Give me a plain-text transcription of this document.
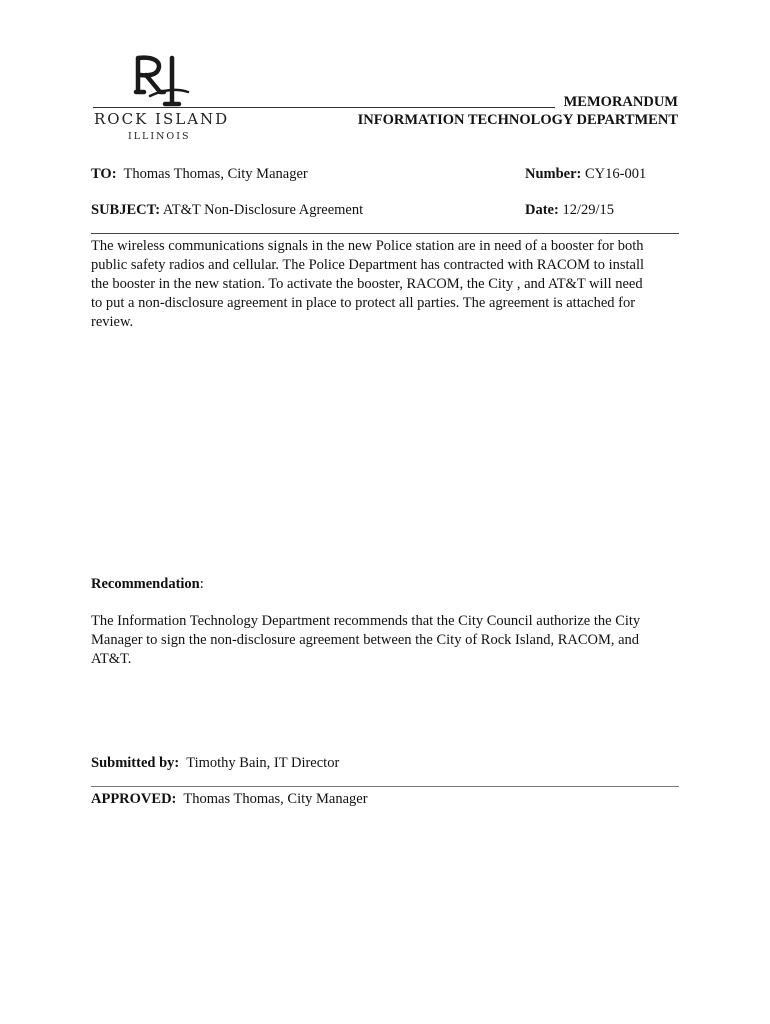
ROCK ISLAND
ILLINOIS
MEMORANDUM
INFORMATION TECHNOLOGY DEPARTMENT
TO: Thomas Thomas, City Manager	Number: CY16-001
SUBJECT: AT&T Non-Disclosure Agreement	Date: 12/29/15
The wireless communications signals in the new Police station are in need of a booster for both
public safety radios and cellular. The Police Department has contracted with RACOM to install
the booster in the new station. To activate the booster, RACOM, the City , and AT&T will need
to put a non-disclosure agreement in place to protect all parties. The agreement is attached for
review.
Recommendation:
The Information Technology Department recommends that the City Council authorize the City
Manager to sign the non-disclosure agreement between the City of Rock Island, RACOM, and
AT&T.
Submitted by: Timothy Bain, IT Director
APPROVED: Thomas Thomas, City Manager
